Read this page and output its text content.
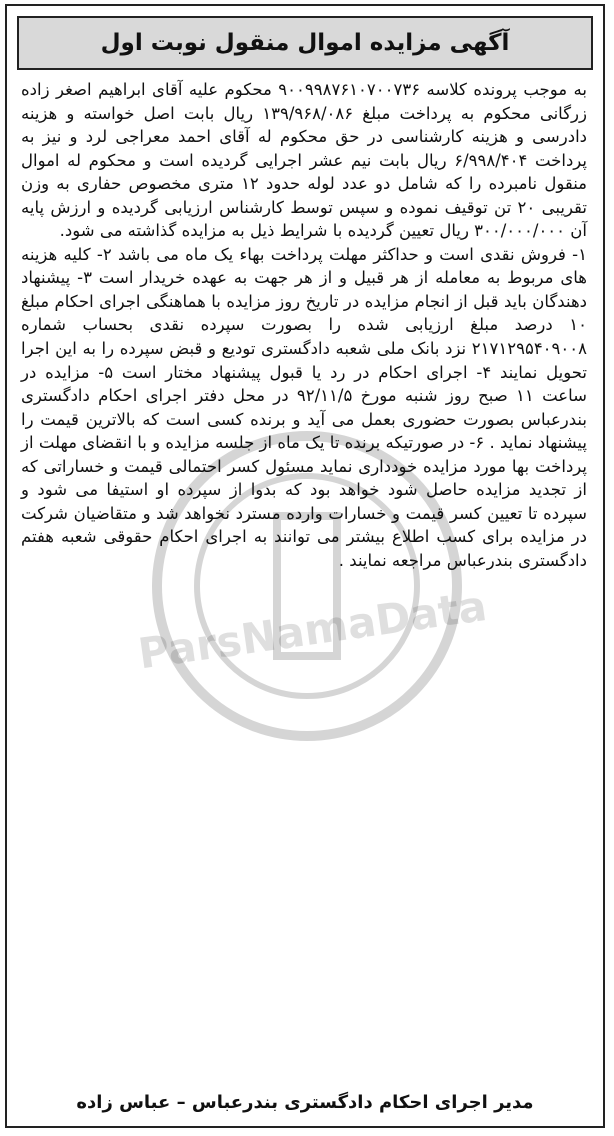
آگهی مزایده اموال منقول نوبت اول

به موجب پرونده کلاسه ۹۰۰۹۹۸۷۶۱۰۷۰۰۷۳۶ محکوم علیه آقای ابراهیم اصغر زاده زرگانی محکوم به پرداخت مبلغ ۱۳۹/۹۶۸/۰۸۶ ریال بابت اصل خواسته و هزینه دادرسی و هزینه کارشناسی در حق محکوم له آقای احمد معراجی لرد و نیز به پرداخت ۶/۹۹۸/۴۰۴ ریال بابت نیم عشر اجرایی گردیده است و محکوم له اموال منقول نامبرده را که شامل دو عدد لوله حدود ۱۲ متری مخصوص حفاری به وزن تقریبی ۲۰ تن توقیف نموده و سپس توسط کارشناس ارزیابی گردیده و ارزش پایه آن ۳۰۰/۰۰۰/۰۰۰ ریال تعیین گردیده با شرایط ذیل به مزایده گذاشته می شود.

۱- فروش نقدی است و حداکثر مهلت پرداخت بهاء یک ماه می باشد ۲- کلیه هزینه های مربوط به معامله از هر قبیل و از هر جهت به عهده خریدار است ۳- پیشنهاد دهندگان باید قبل از انجام مزایده در تاریخ روز مزایده با هماهنگی اجرای احکام مبلغ ۱۰ درصد مبلغ ارزیابی شده را بصورت سپرده نقدی بحساب شماره ۲۱۷۱۲۹۵۴۰۹۰۰۸ نزد بانک ملی شعبه دادگستری تودیع و قبض سپرده را به این اجرا تحویل نمایند ۴- اجرای احکام در رد یا قبول پیشنهاد مختار است ۵- مزایده در ساعت ۱۱ صبح روز شنبه مورخ ۹۲/۱۱/۵ در محل دفتر اجرای احکام دادگستری بندرعباس بصورت حضوری بعمل می آید و برنده کسی است که بالاترین قیمت را پیشنهاد نماید . ۶- در صورتیکه برنده تا یک ماه از جلسه مزایده و با انقضای مهلت از پرداخت بها مورد مزایده خودداری نماید مسئول کسر احتمالی قیمت و خساراتی که از تجدید مزایده حاصل شود خواهد بود که بدوا از سپرده او استیفا می شود و سپرده تا تعیین کسر قیمت و خسارات وارده مسترد نخواهد شد و متقاضیان شرکت در مزایده برای کسب اطلاع بیشتر می توانند به اجرای احکام حقوقی شعبه هفتم دادگستری بندرعباس مراجعه نمایند .

ParsNamaData
مدیر اجرای احکام دادگستری بندرعباس – عباس زاده
